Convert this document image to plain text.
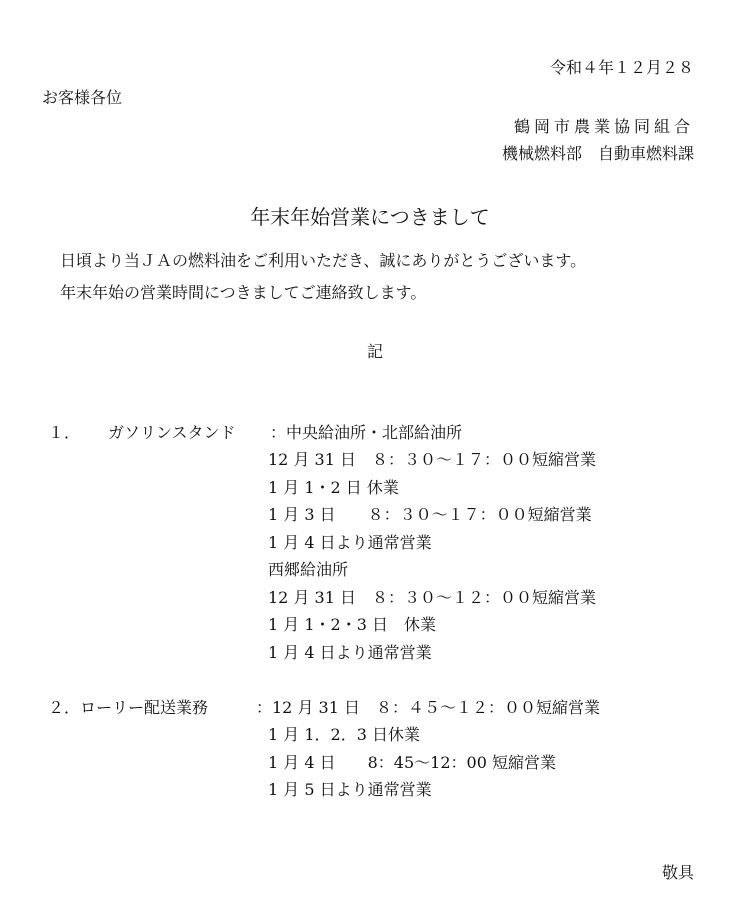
令和４年１２月２８
お客様各位
鶴岡市農業協同組合
機械燃料部　自動車燃料課
年末年始営業につきまして
日頃より当ＪＡの燃料油をご利用いただき、誠にありがとうございます。
年末年始の営業時間につきましてご連絡致します。
記
１． ガソリンスタンド ：中央給油所・北部給油所
12 月 31 日　８：３０～１７：００短縮営業
1 月 1・2 日 休業
1 月 3 日　　８：３０～１７：００短縮営業
1 月 4 日より通常営業
西郷給油所
12 月 31 日　８：３０～１２：００短縮営業
1 月 1・2・3 日　休業
1 月 4 日より通常営業
２．ローリー配送業務	：12 月 31 日　８：４５～１２：００短縮営業
1 月 1．2．3 日休業
1 月 4 日　　8：45～12：00 短縮営業
1 月 5 日より通常営業
敬具
